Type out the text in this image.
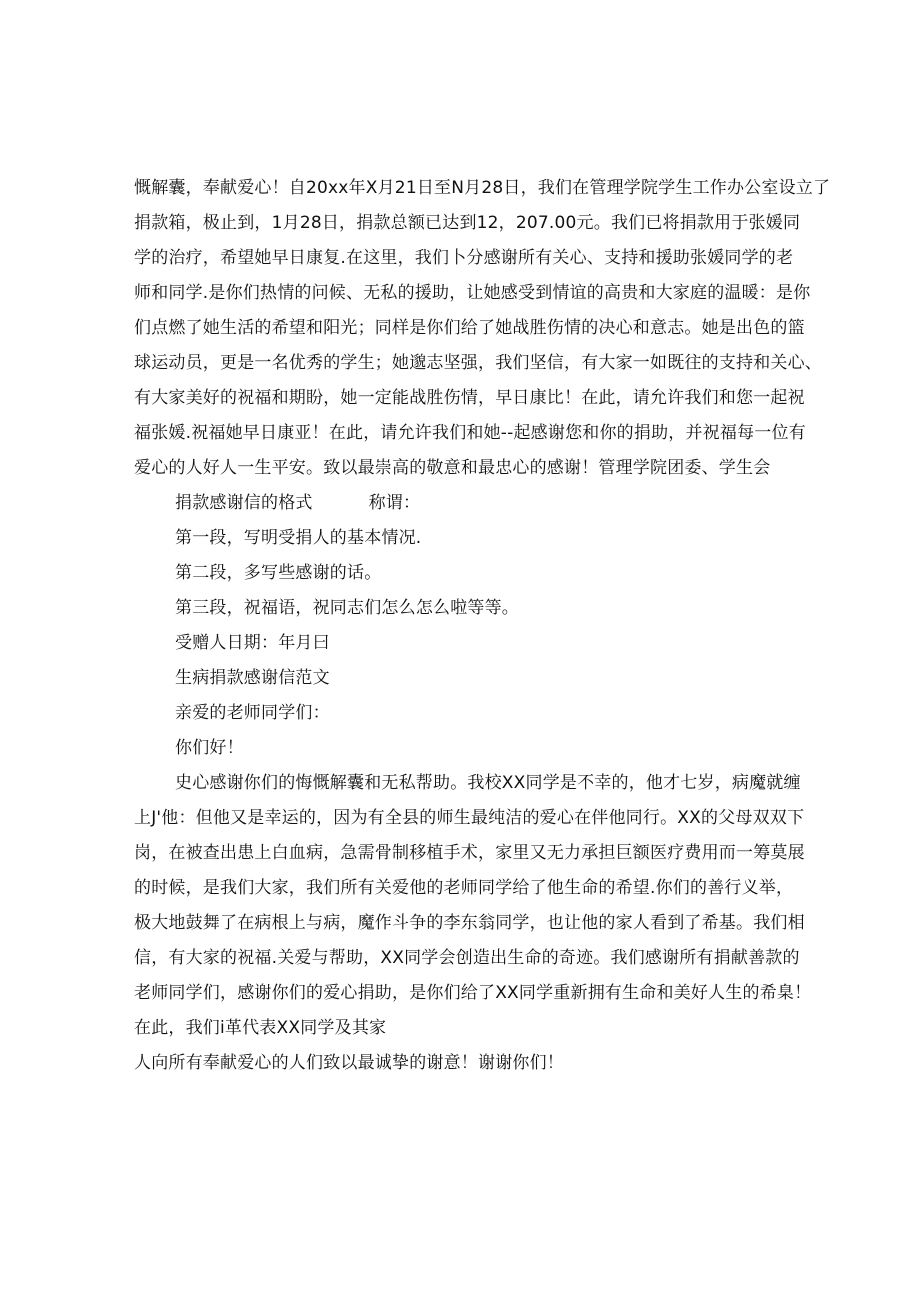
慨解囊，奉献爱心！自20xx年X月21日至N月28日，我们在管理学院学生工作办公室设立了
捐款箱，极止到，1月28日，捐款总额已达到12，207.00元。我们已将捐款用于张媛同
学的治疗，希望她早日康复.在这里，我们卜分感谢所有关心、支持和援助张媛同学的老
师和同学.是你们热情的问候、无私的援助，让她感受到情谊的高贵和大家庭的温暖：是你
们点燃了她生活的希望和阳光；同样是你们给了她战胜伤情的决心和意志。她是出色的篮
球运动员，更是一名优秀的学生；她邈志坚强，我们坚信，有大家一如既往的支持和关心、
有大家美好的祝福和期盼，她一定能战胜伤情，早日康比！在此，请允许我们和您一起祝
福张媛.祝福她早日康亚！在此，请允许我们和她--起感谢您和你的捐助，并祝福每一位有
爱心的人好人一生平安。致以最崇高的敬意和最忠心的感谢！管理学院团委、学生会
捐款感谢信的格式	称谓：
第一段，写明受捐人的基本情况.
第二段，多写些感谢的话。
第三段，祝福语，祝同志们怎么怎么啦等等。
受赠人日期：年月曰
生病捐款感谢信范文
亲爱的老师同学们：
你们好！
史心感谢你们的悔慨解囊和无私帮助。我校XX同学是不幸的，他才七岁，病魔就缠
上J'他：但他又是幸运的，因为有全县的师生最纯洁的爱心在伴他同行。XX的父母双双下
岗，在被查出患上白血病，急需骨制移植手术，家里又无力承担巨额医疗费用而一筹莫展
的时候，是我们大家，我们所有关爱他的老师同学给了他生命的希望.你们的善行义举，
极大地鼓舞了在病根上与病，魔作斗争的李东翁同学，也让他的家人看到了希基。我们相
信，有大家的祝福.关爱与帮助，XX同学会创造出生命的奇迹。我们感谢所有捐献善款的
老师同学们，感谢你们的爱心捐助，是你们给了XX同学重新拥有生命和美好人生的希臬！
在此，我们i革代表XX同学及其家
人向所有奉献爱心的人们致以最诚挚的谢意！谢谢你们！
